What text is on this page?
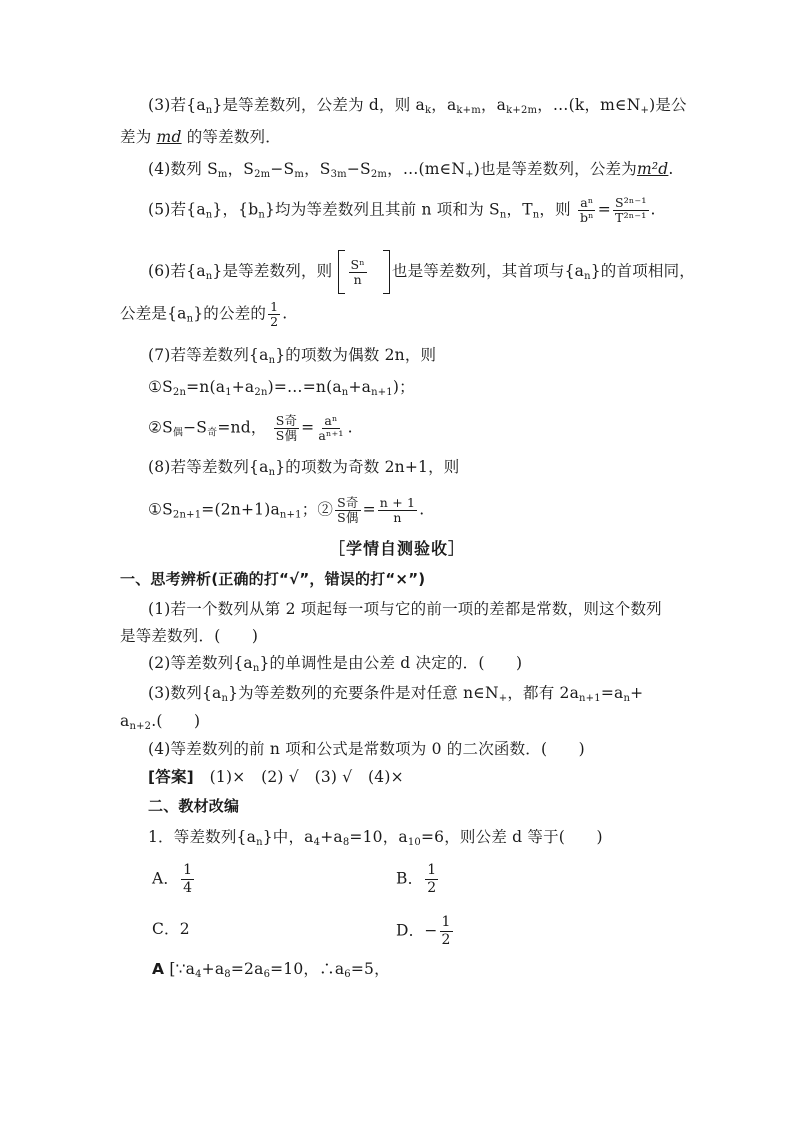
(3)若$\{a_n\}$是等差数列，公差为 d，则 $a_k$，$a_{k+m}$，$a_{k+2m}$，…(k，$m\in N_+$)是公
差为 md 的等差数列．
(4)数列 $S_m$，$S_{2m}-S_m$，$S_{3m}-S_{2m}$，$\dots(m\in N_+)$也是等差数列，公差为m²d.
(5)若$\{a_n\}$，$\{b_n\}$均为等差数列且其前 n 项和为 $S_n$，$T_n$，则 $\frac{\text{aⁿ}}{\text{bⁿ}} = \frac{\text{S²ⁿ⁻¹}}{\text{T²ⁿ⁻¹}}$ .
(6)若$\{a_n\}$是等差数列，则 $\frac{\text{Sⁿ}}{n}$ 也是等差数列，其首项与$\{a_n\}$的首项相同，
公差是$\{a_n\}$的公差的 $\frac{1}{2}$ .
(7)若等差数列$\{a_n\}$的项数为偶数 2n，则
$①S_{2n}=n(a_1+a_{2n})=\dots=n(a_n+a_{n+1})$；
$②S_偶-S_奇=nd$， $\frac{\text{S奇}}{\text{S偶}} = \frac{\text{aⁿ}}{\text{aⁿ⁺¹}}$ .
(8)若等差数列$\{a_n\}$的项数为奇数 2n+1，则
$①S_{2n+1}=(2n+1)a_{n+1}$；② $\frac{\text{S奇}}{\text{S偶}} = \frac{n + 1}{n}$ .
［学情自测验收］
一、思考辨析(正确的打“√”，错误的打“×”)
(1)若一个数列从第 2 项起每一项与它的前一项的差都是常数，则这个数列
是等差数列．(　　)
(2)等差数列$\{a_n\}$的单调性是由公差 d 决定的．(　　)
(3)数列$\{a_n\}$为等差数列的充要条件是对任意 $n\in N_+$，都有 $2a_{n+1}=a_n+$
$a_{n+2}$.(　　)
(4)等差数列的前 n 项和公式是常数项为 0 的二次函数．(　　)
[答案]　(1)×　(2) √　(3) √　(4)×
二、教材改编
1．等差数列$\{a_n\}$中，$a_4+a_8=10$，$a_{10}=6$，则公差 d 等于(　　)
A． $\frac{1}{4}$	B． $\frac{1}{2}$
C．2	D．− $\frac{1}{2}$
A [$\because a_4+a_8=2a_6=10$，$\therefore a_6=5$，
